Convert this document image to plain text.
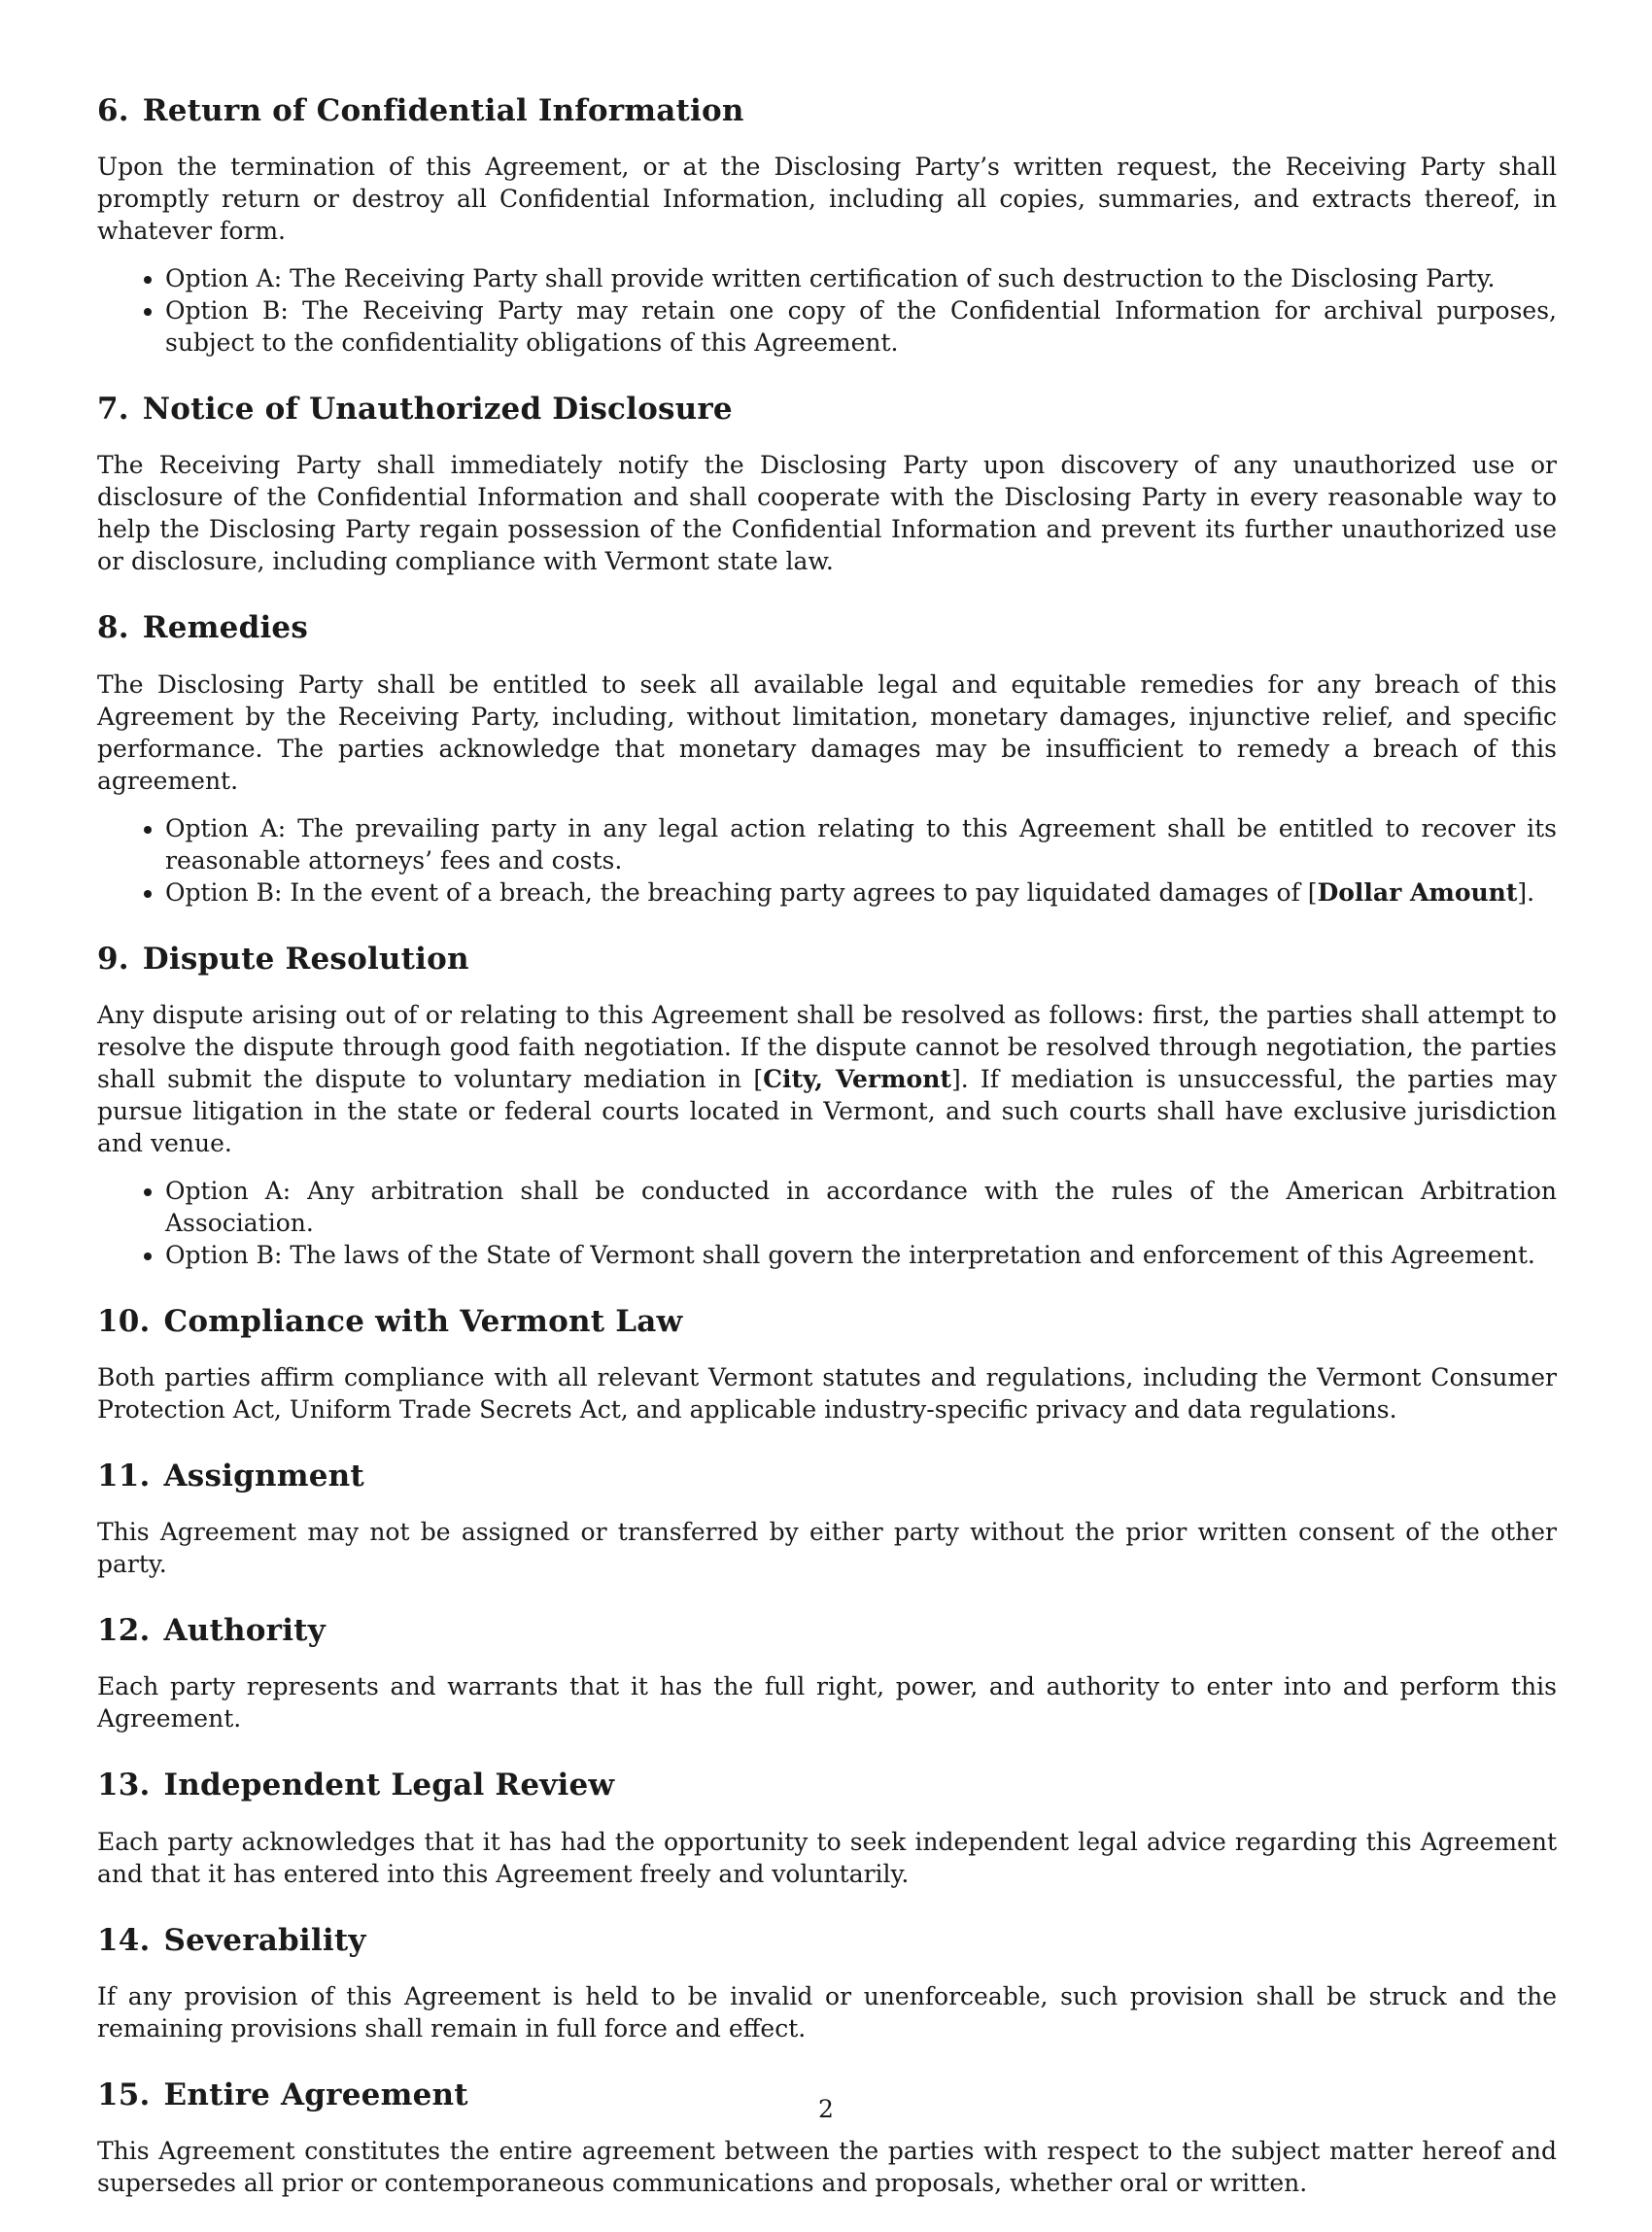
6. Return of Confidential Information

Upon the termination of this Agreement, or at the Disclosing Party’s written request, the Receiving Party shall promptly return or destroy all Confidential Information, including all copies, summaries, and extracts thereof, in whatever form.

• Option A: The Receiving Party shall provide written certification of such destruction to the Disclosing Party.
• Option B: The Receiving Party may retain one copy of the Confidential Information for archival purposes, subject to the confidentiality obligations of this Agreement.
7. Notice of Unauthorized Disclosure

The Receiving Party shall immediately notify the Disclosing Party upon discovery of any unauthorized use or disclosure of the Confidential Information and shall cooperate with the Disclosing Party in every reasonable way to help the Disclosing Party regain possession of the Confidential Information and prevent its further unauthorized use or disclosure, including compliance with Vermont state law.

8. Remedies

The Disclosing Party shall be entitled to seek all available legal and equitable remedies for any breach of this Agreement by the Receiving Party, including, without limitation, monetary damages, injunctive relief, and specific performance. The parties acknowledge that monetary damages may be insufficient to remedy a breach of this agreement.

• Option A: The prevailing party in any legal action relating to this Agreement shall be entitled to recover its reasonable attorneys’ fees and costs.
• Option B: In the event of a breach, the breaching party agrees to pay liquidated damages of [Dollar Amount].
9. Dispute Resolution

Any dispute arising out of or relating to this Agreement shall be resolved as follows: first, the parties shall attempt to resolve the dispute through good faith negotiation. If the dispute cannot be resolved through negotiation, the parties shall submit the dispute to voluntary mediation in [City, Vermont]. If mediation is unsuccessful, the parties may pursue litigation in the state or federal courts located in Vermont, and such courts shall have exclusive jurisdiction and venue.

• Option A: Any arbitration shall be conducted in accordance with the rules of the American Arbitration Association.
• Option B: The laws of the State of Vermont shall govern the interpretation and enforcement of this Agreement.
10. Compliance with Vermont Law

Both parties affirm compliance with all relevant Vermont statutes and regulations, including the Vermont Consumer Protection Act, Uniform Trade Secrets Act, and applicable industry-specific privacy and data regulations.

11. Assignment

This Agreement may not be assigned or transferred by either party without the prior written consent of the other party.

12. Authority

Each party represents and warrants that it has the full right, power, and authority to enter into and perform this Agreement.

13. Independent Legal Review

Each party acknowledges that it has had the opportunity to seek independent legal advice regarding this Agreement and that it has entered into this Agreement freely and voluntarily.

14. Severability

If any provision of this Agreement is held to be invalid or unenforceable, such provision shall be struck and the remaining provisions shall remain in full force and effect.

15. Entire Agreement

This Agreement constitutes the entire agreement between the parties with respect to the subject matter hereof and supersedes all prior or contemporaneous communications and proposals, whether oral or written.

2
